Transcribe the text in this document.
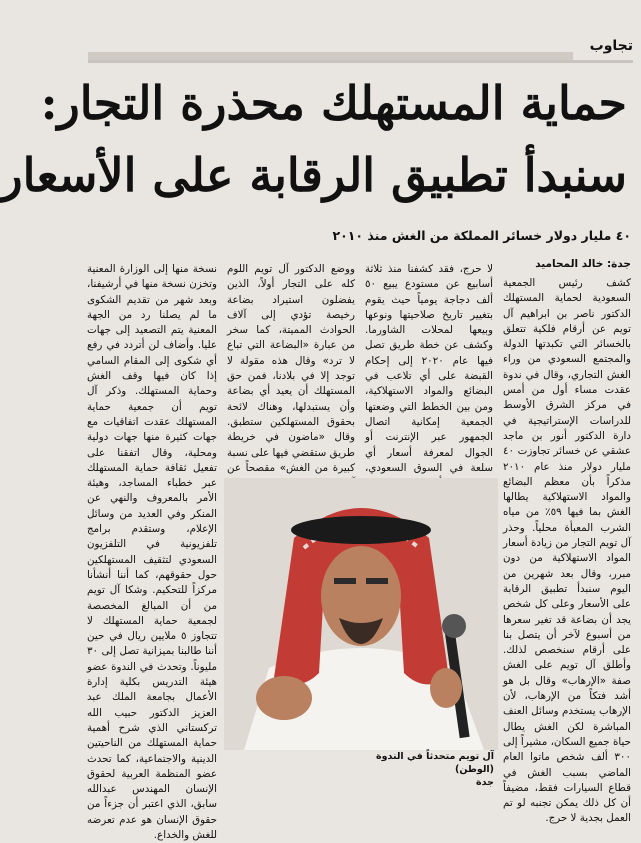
تجاوب
حماية المستهلك محذرة التجار:
سنبدأ تطبيق الرقابة على الأسعار
٤٠ مليار دولار خسائر المملكة من الغش منذ ٢٠١٠
جدة: خالد المحامید
كشف رئيس الجمعية السعودية لحماية المستهلك الدكتور ناصر بن ابراهيم آل تويم عن أرقام فلكية تتعلق بالخسائر التي تكبدتها الدولة والمجتمع السعودي من وراء الغش التجاري، وقال في ندوة عقدت مساء أول من أمس في مركز الشرق الأوسط للدراسات الإستراتيجية في دارة الدكتور أنور بن ماجد عشقي عن خسائر تجاوزت ٤٠ مليار دولار منذ عام ٢٠١٠ مذكراً بأن معظم البضائع والمواد الاستهلاكية يطالها الغش بما فيها ٥٩٪ من مياه الشرب المعبأة محلياً. وحذر آل تويم التجار من زيادة أسعار المواد الاستهلاكية من دون مبرر، وقال بعد شهرين من اليوم سنبدأ تطبيق الرقابة على الأسعار وعلى كل شخص يجد أن بضاعة قد تغير سعرها من أسبوع لآخر أن يتصل بنا على أرقام سنخصص لذلك. وأطلق آل تويم على الغش صفة «الإرهاب» وقال بل هو أشد فتكاً من الإرهاب، لأن الإرهاب يستخدم وسائل العنف المباشرة لكن الغش يطال حياة جميع السكان، مشيراً إلى ٣٠٠ ألف شخص ماتوا العام الماضي بسبب الغش في قطاع السيارات فقط، مضيفاً أن كل ذلك يمكن تجنبه لو تم العمل بجدية لا حرج.
لا حرج، فقد كشفنا منذ ثلاثة أسابيع عن مستودع يبيع ٥٠ ألف دجاجة يومياً حيث يقوم بتغيير تاريخ صلاحيتها ونوعها وبيعها لمحلات الشاورما. وكشف عن خطة طريق تصل فيها عام ٢٠٢٠ إلى إحكام القبضة على أي تلاعب في البضائع والمواد الاستهلاكية، ومن بين الخطط التي وضعتها الجمعية إمكانية اتصال الجمهور عبر الإنترنت أو الجوال لمعرفة أسعار أي سلعة في السوق السعودي،
ووضع الدكتور آل تويم اللوم كله على التجار أولاً، الذين يفضلون استيراد بضاعة رخيصة تؤدي إلى آلاف الحوادث المميتة، كما سخر من عبارة «البضاعة التي تباع لا ترد» وقال هذه مقولة لا توجد إلا في بلادنا، فمن حق المستهلك أن يعيد أي بضاعة وأن يستبدلها، وهناك لائحة بحقوق المستهلكين ستطبق. وقال «ماضون في خريطة طريق ستقضي فيها على نسبة كبيرة من الغش» مقصحاً عن
نسخة منها إلى الوزارة المعنية وتخزن نسخة منها في أرشيفنا، وبعد شهر من تقديم الشكوى ما لم يصلنا رد من الجهة المعنية يتم التصعيد إلى جهات عليا. وأضاف لن أتردد في رفع أي شكوى إلى المقام السامي إذا كان فيها وقف الغش وحماية المستهلك. وذكر آل تويم أن جمعية حماية المستهلك عقدت اتفاقيات مع جهات كثيرة منها جهات دولية ومحلية، وقال اتفقنا على تفعيل ثقافة حماية المستهلك عبر خطباء المساجد، وهيئة الأمر بالمعروف والنهي عن المنكر وفي العديد من وسائل الإعلام، وستقدم برامج تلفزيونية في التلفزيون السعودي لتثقيف المستهلكين حول حقوقهم، كما أننا أنشأنا مركزاً للتحكيم. وشكا آل تويم من أن المبالغ المخصصة لجمعية حماية المستهلك لا تتجاوز ٥ ملايين ريال في حين أننا طالبنا بميزانية تصل إلى ٣٠ مليوناً. وتحدث في الندوة عضو هيئة التدريس بكلية إدارة الأعمال بجامعة الملك عبد العزيز الدكتور حبيب الله تركستاني الذي شرح أهمية حماية المستهلك من الناحيتين الدينية والاجتماعية، كما تحدث عضو المنظمة العربية لحقوق الإنسان المهندس عبدالله سابق، الذي اعتبر أن جزءاً من حقوق الإنسان هو عدم تعرضه للغش والخداع.
آل تويم متحدثاً في الندوة
(الوطن)
جدة
